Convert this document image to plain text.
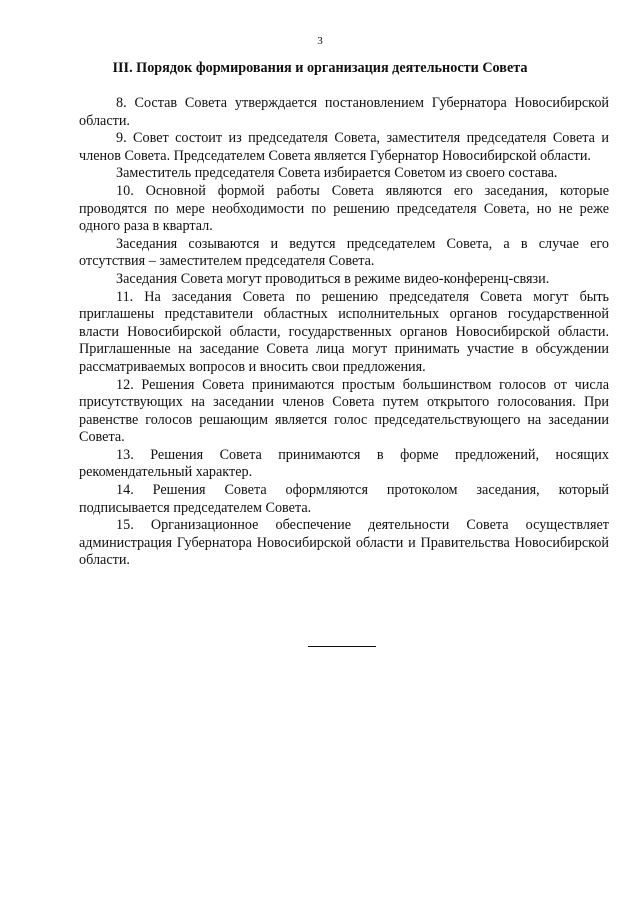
3
III. Порядок формирования и организация деятельности Совета

8. Состав Совета утверждается постановлением Губернатора Новосибирской области.

9. Совет состоит из председателя Совета, заместителя председателя Совета и членов Совета. Председателем Совета является Губернатор Новосибирской области.

Заместитель председателя Совета избирается Советом из своего состава.

10. Основной формой работы Совета являются его заседания, которые проводятся по мере необходимости по решению председателя Совета, но не реже одного раза в квартал.

Заседания созываются и ведутся председателем Совета, а в случае его отсутствия – заместителем председателя Совета.

Заседания Совета могут проводиться в режиме видео-конференц-связи.

11. На заседания Совета по решению председателя Совета могут быть приглашены представители областных исполнительных органов государственной власти Новосибирской области, государственных органов Новосибирской области. Приглашенные на заседание Совета лица могут принимать участие в обсуждении рассматриваемых вопросов и вносить свои предложения.

12. Решения Совета принимаются простым большинством голосов от числа присутствующих на заседании членов Совета путем открытого голосования. При равенстве голосов решающим является голос председательствующего на заседании Совета.

13. Решения Совета принимаются в форме предложений, носящих рекомендательный характер.

14. Решения Совета оформляются протоколом заседания, который подписывается председателем Совета.

15. Организационное обеспечение деятельности Совета осуществляет администрация Губернатора Новосибирской области и Правительства Новосибирской области.
